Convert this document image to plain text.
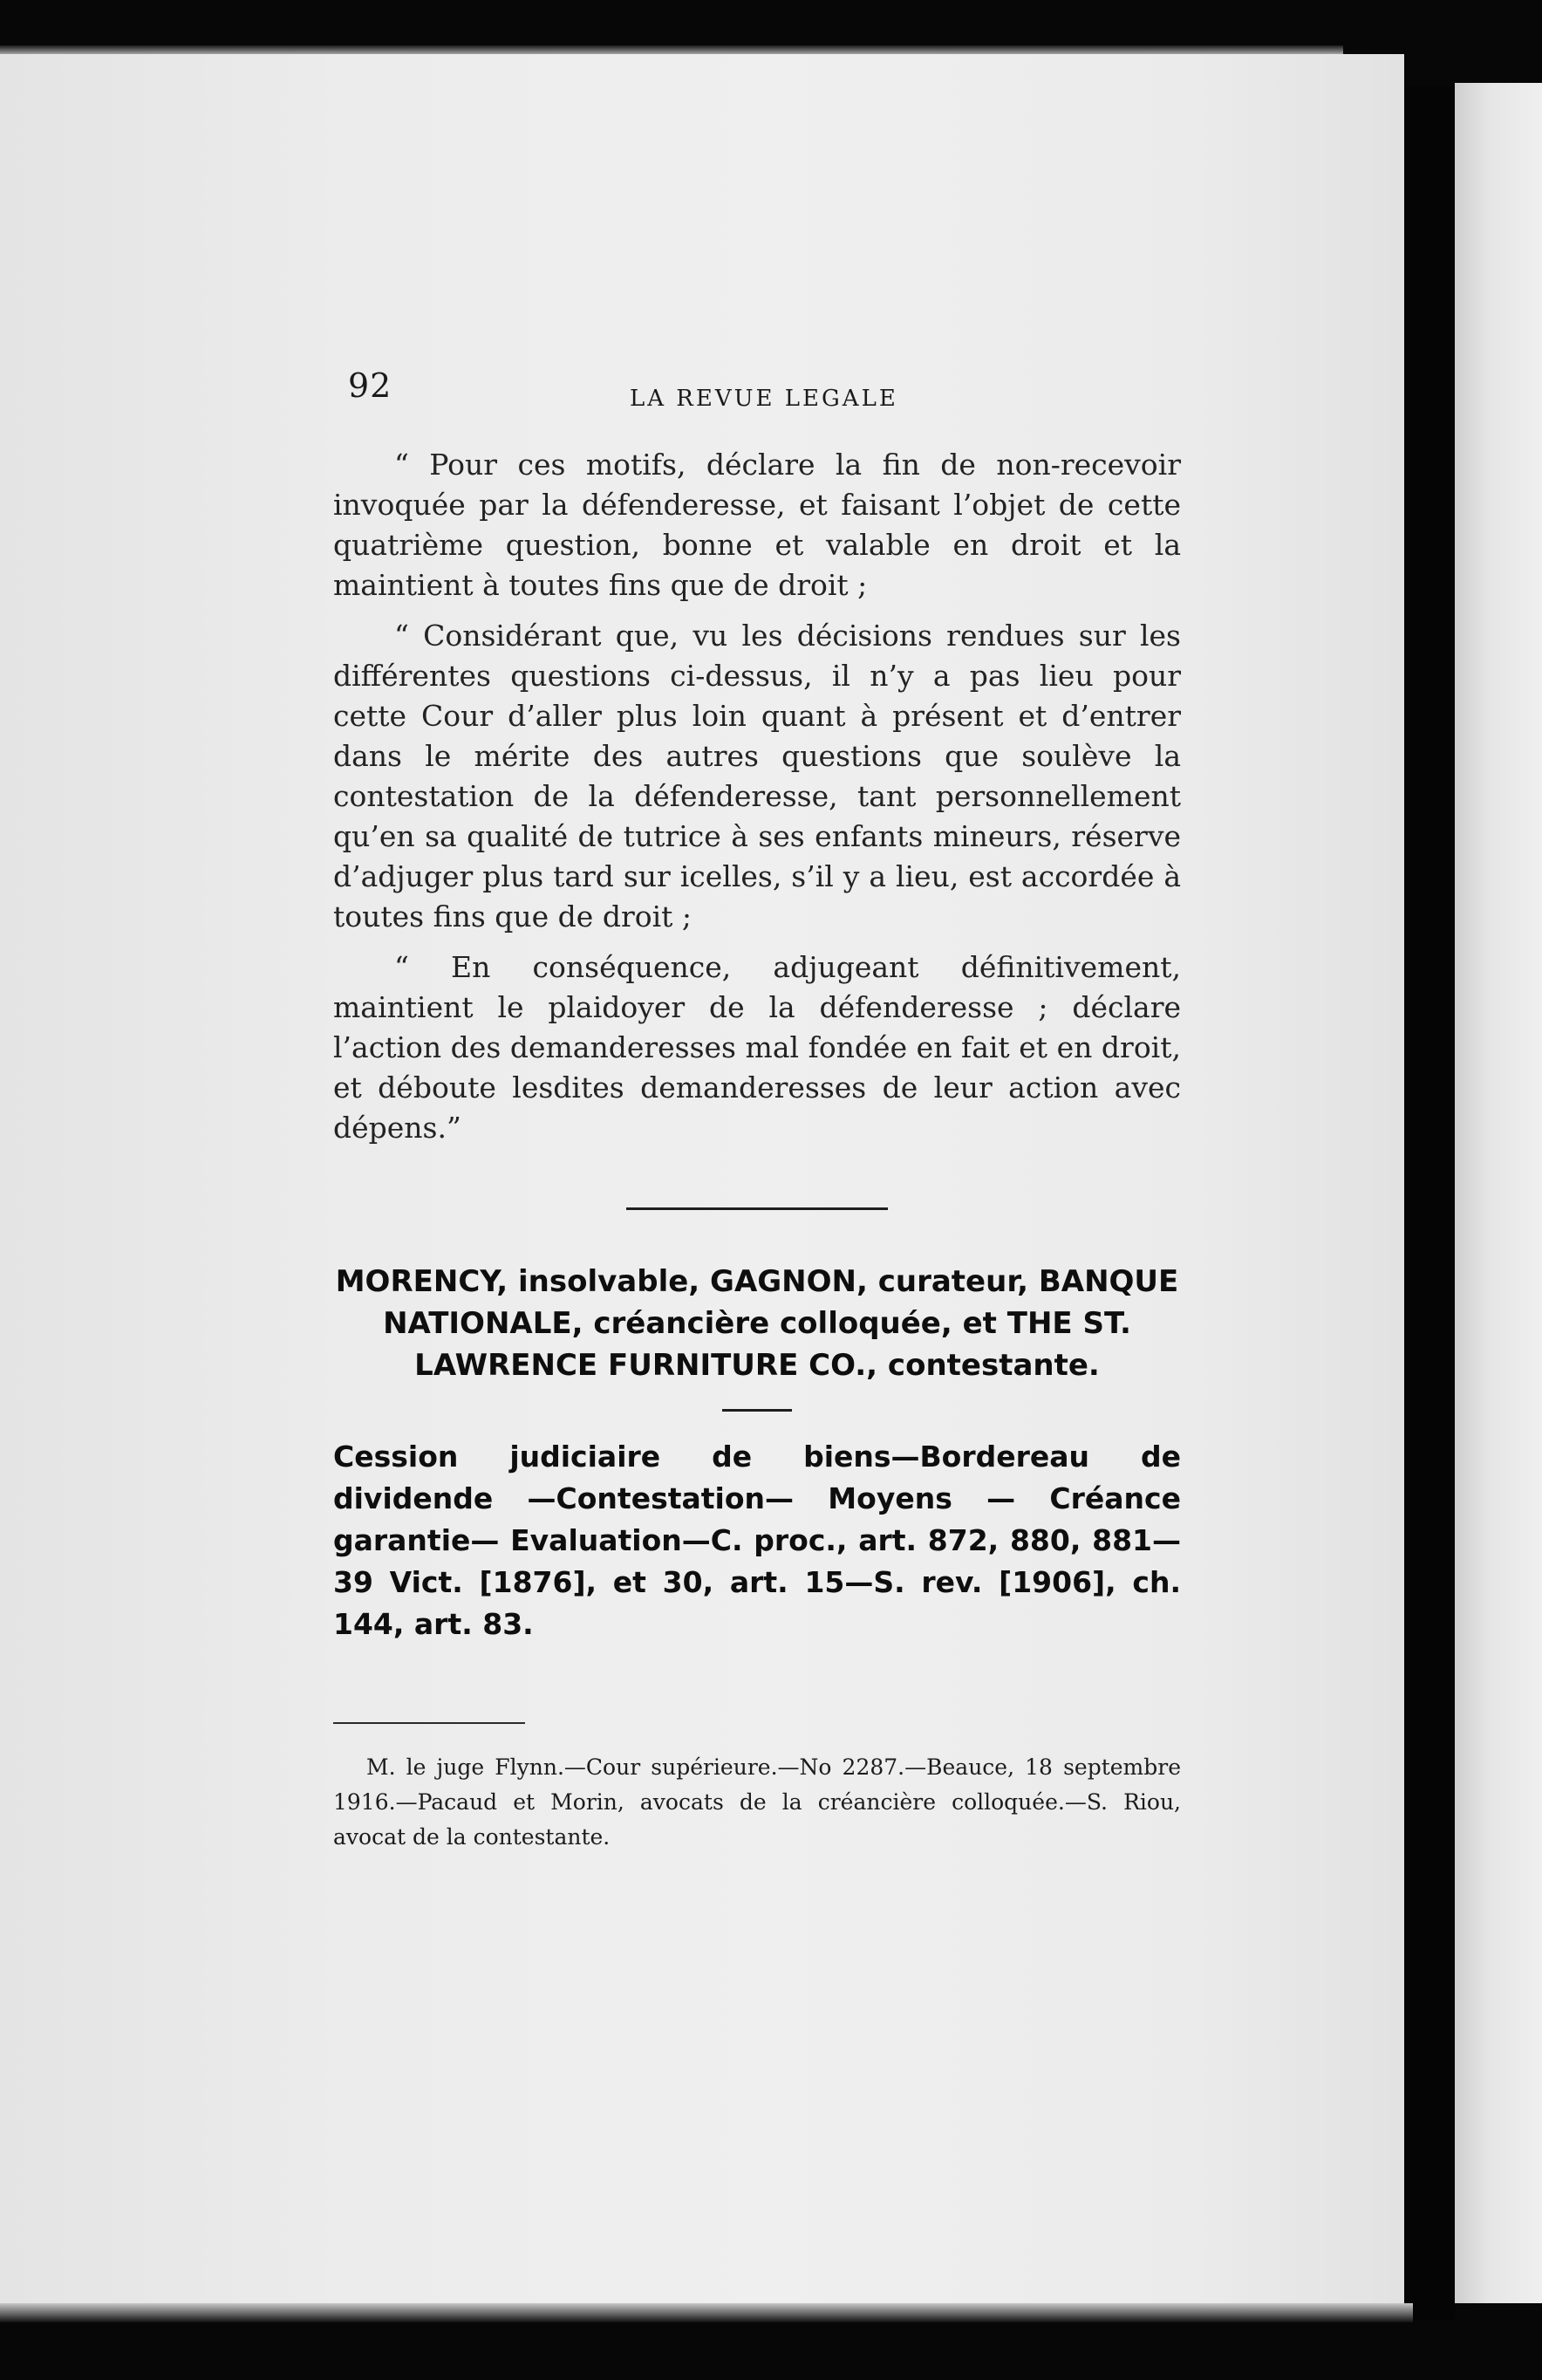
92	LA REVUE LEGALE

“ Pour ces motifs, déclare la fin de non-recevoir invoquée par la défenderesse, et faisant l’objet de cette quatrième question, bonne et valable en droit et la maintient à toutes fins que de droit ;

“ Considérant que, vu les décisions rendues sur les différentes questions ci-dessus, il n’y a pas lieu pour cette Cour d’aller plus loin quant à présent et d’entrer dans le mérite des autres questions que soulève la contestation de la défenderesse, tant personnellement qu’en sa qualité de tutrice à ses enfants mineurs, réserve d’adjuger plus tard sur icelles, s’il y a lieu, est accordée à toutes fins que de droit ;

“ En conséquence, adjugeant définitivement, maintient le plaidoyer de la défenderesse ; déclare l’action des demanderesses mal fondée en fait et en droit, et déboute lesdites demanderesses de leur action avec dépens.”

MORENCY, insolvable, GAGNON, curateur, BANQUE NATIONALE, créancière colloquée, et THE ST. LAWRENCE FURNITURE CO., contestante.

Cession judiciaire de biens—Bordereau de dividende —Contestation— Moyens — Créance garantie— Evaluation—C. proc., art. 872, 880, 881—39 Vict. [1876], et 30, art. 15—S. rev. [1906], ch. 144, art. 83.

M. le juge Flynn.—Cour supérieure.—No 2287.—Beauce, 18 septembre 1916.—Pacaud et Morin, avocats de la créancière colloquée.—S. Riou, avocat de la contestante.
